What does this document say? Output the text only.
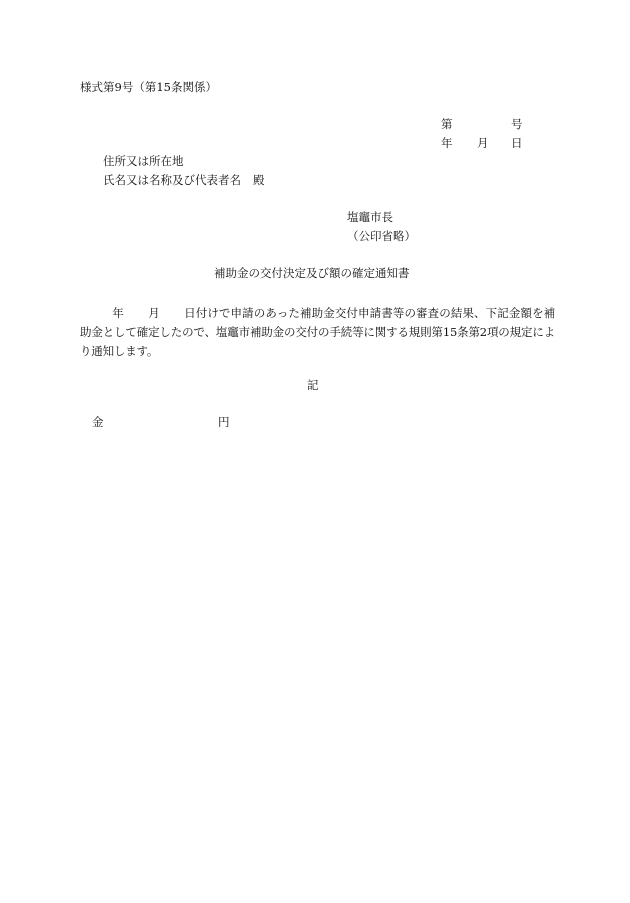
様式第9号（第15条関係）
第	号
年 月 日
住所又は所在地
氏名又は名称及び代表者名 殿
塩竈市長
（公印省略）
補助金の交付決定及び額の確定通知書
年 月 日付けで申請のあった補助金交付申請書等の審査の結果、下記金額を補助金として確定したので、塩竈市補助金の交付の手続等に関する規則第15条第2項の規定により通知します。
記
金	円
